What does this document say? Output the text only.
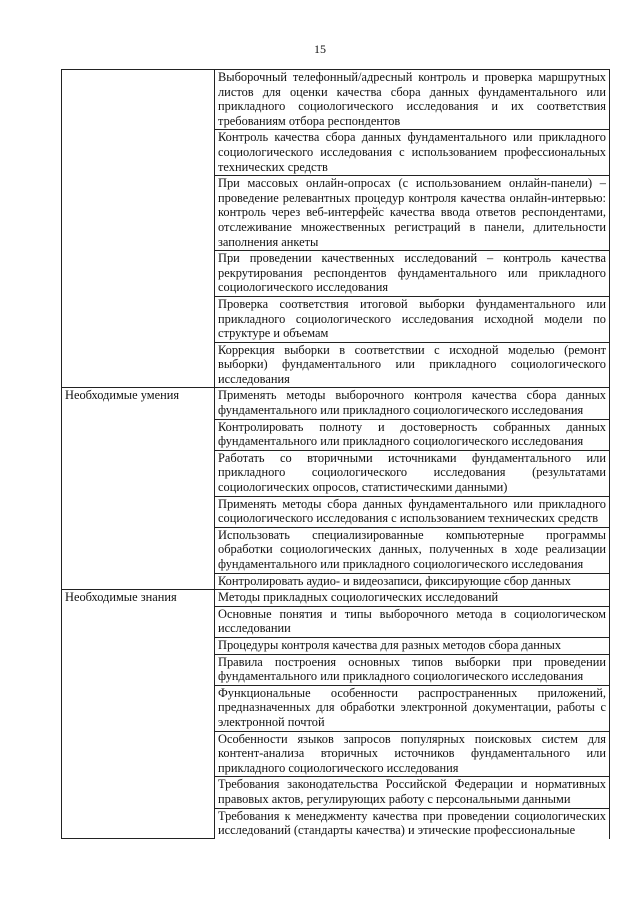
15
	Выборочный телефонный/адресный контроль и проверка маршрутных листов для оценки качества сбора данных фундаментального или прикладного социологического исследования и их соответствия требованиям отбора респондентов
	Контроль качества сбора данных фундаментального или прикладного социологического исследования с использованием профессиональных технических средств
	При массовых онлайн-опросах (с использованием онлайн-панели) – проведение релевантных процедур контроля качества онлайн-интервью: контроль через веб-интерфейс качества ввода ответов респондентами, отслеживание множественных регистраций в панели, длительности заполнения анкеты
	При проведении качественных исследований – контроль качества рекрутирования респондентов фундаментального или прикладного социологического исследования
	Проверка соответствия итоговой выборки фундаментального или прикладного социологического исследования исходной модели по структуре и объемам
	Коррекция выборки в соответствии с исходной моделью (ремонт выборки) фундаментального или прикладного социологического исследования
Необходимые умения	Применять методы выборочного контроля качества сбора данных фундаментального или прикладного социологического исследования
	Контролировать полноту и достоверность собранных данных фундаментального или прикладного социологического исследования
	Работать со вторичными источниками фундаментального или прикладного социологического исследования (результатами социологических опросов, статистическими данными)
	Применять методы сбора данных фундаментального или прикладного социологического исследования с использованием технических средств
	Использовать специализированные компьютерные программы обработки социологических данных, полученных в ходе реализации фундаментального или прикладного социологического исследования
	Контролировать аудио- и видеозаписи, фиксирующие сбор данных
Необходимые знания	Методы прикладных социологических исследований
	Основные понятия и типы выборочного метода в социологическом исследовании
	Процедуры контроля качества для разных методов сбора данных
	Правила построения основных типов выборки при проведении фундаментального или прикладного социологического исследования
	Функциональные особенности распространенных приложений, предназначенных для обработки электронной документации, работы с электронной почтой
	Особенности языков запросов популярных поисковых систем для контент-анализа вторичных источников фундаментального или прикладного социологического исследования
	Требования законодательства Российской Федерации и нормативных правовых актов, регулирующих работу с персональными данными
	Требования к менеджменту качества при проведении социологических исследований (стандарты качества) и этические профессиональные
